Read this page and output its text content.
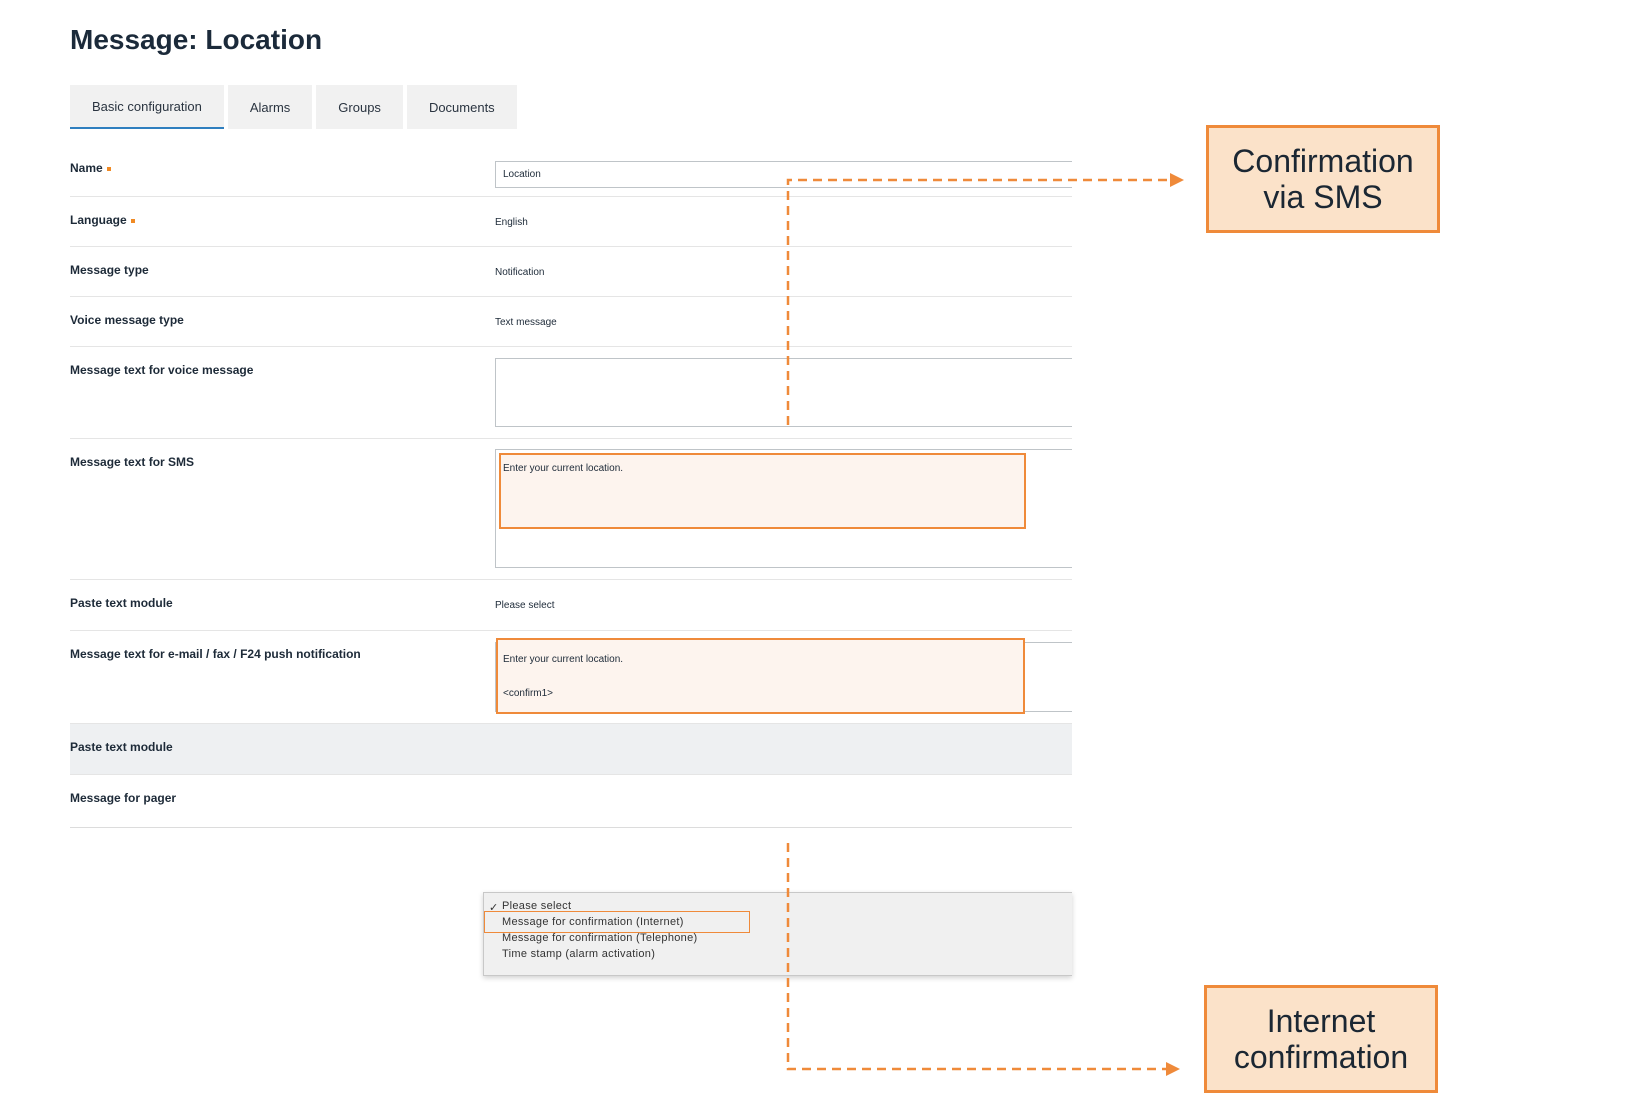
Message: Location
Basic configuration	Alarms	Groups	Documents
Name	Location
Language	English
Message type	Notification
Voice message type	Text message
Message text for voice message
Message text for SMS	Enter your current location.
Paste text module	Please select
Message text for e-mail / fax / F24 push notification	Enter your current location.
<confirm1>
Paste text module
Message for pager
✓ Please select
Message for confirmation (Internet)
Message for confirmation (Telephone)
Time stamp (alarm activation)
Confirmation
via SMS
Internet
confirmation
